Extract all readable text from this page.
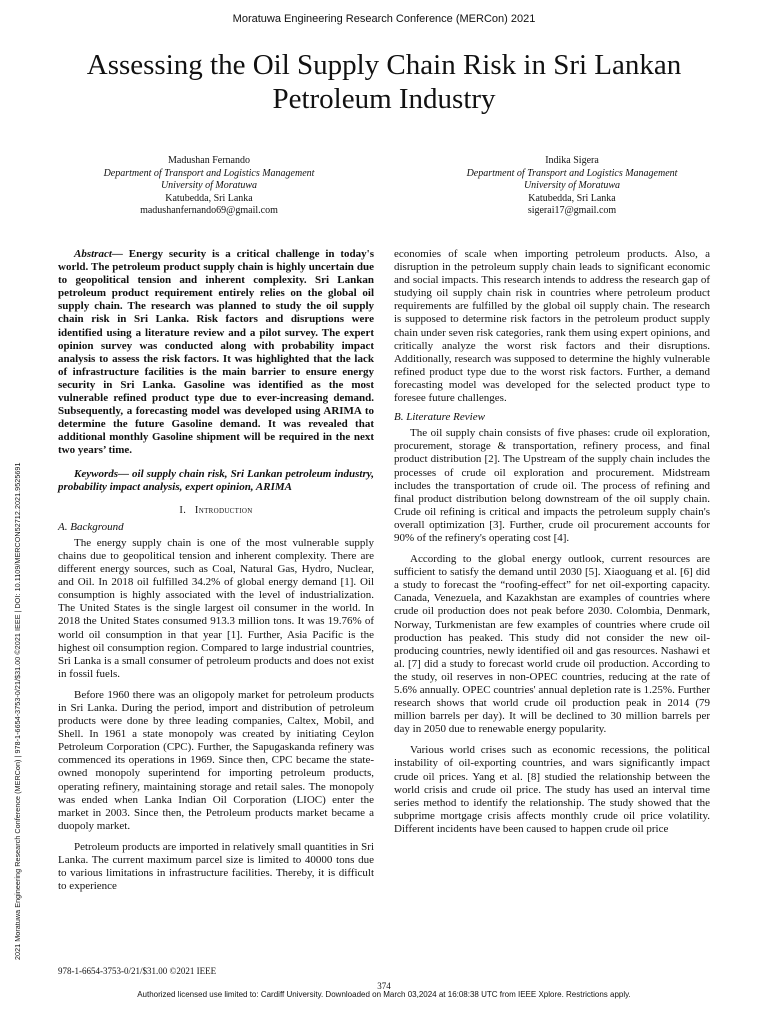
Moratuwa Engineering Research Conference (MERCon) 2021
Assessing the Oil Supply Chain Risk in Sri Lankan Petroleum Industry
Madushan Fernando
Department of Transport and Logistics Management
University of Moratuwa
Katubedda, Sri Lanka
madushanfernando69@gmail.com
Indika Sigera
Department of Transport and Logistics Management
University of Moratuwa
Katubedda, Sri Lanka
sigerai17@gmail.com
2021 Moratuwa Engineering Research Conference (MERCon) | 978-1-6654-3753-0/21/$31.00 ©2021 IEEE | DOI: 10.1109/MERCON52712.2021.9525691

Abstract— Energy security is a critical challenge in today's world. The petroleum product supply chain is highly uncertain due to geopolitical tension and inherent complexity. Sri Lankan petroleum product requirement entirely relies on the global oil supply chain. The research was planned to study the oil supply chain risk in Sri Lanka. Risk factors and disruptions were identified using a literature review and a pilot survey. The expert opinion survey was conducted along with probability impact analysis to assess the risk factors. It was highlighted that the lack of infrastructure facilities is the main barrier to ensure energy security in Sri Lanka. Gasoline was identified as the most vulnerable refined product type due to ever-increasing demand. Subsequently, a forecasting model was developed using ARIMA to determine the future Gasoline demand. It was revealed that additional monthly Gasoline shipment will be required in the next two years’ time.

Keywords— oil supply chain risk, Sri Lankan petroleum industry, probability impact analysis, expert opinion, ARIMA

I. Introduction

A. Background

The energy supply chain is one of the most vulnerable supply chains due to geopolitical tension and inherent complexity. There are different energy sources, such as Coal, Natural Gas, Hydro, Nuclear, and Oil. In 2018 oil fulfilled 34.2% of global energy demand [1]. Oil consumption is highly associated with the level of industrialization. The United States is the single largest oil consumer in the world. In 2018 the United States consumed 913.3 million tons. It was 19.76% of world oil consumption in that year [1]. Further, Asia Pacific is the highest oil consumption region. Compared to large industrial countries, Sri Lanka is a small consumer of petroleum products and does not exist in fossil fuels.

Before 1960 there was an oligopoly market for petroleum products in Sri Lanka. During the period, import and distribution of petroleum products were done by three leading companies, Caltex, Mobil, and Shell. In 1961 a state monopoly was created by initiating Ceylon Petroleum Corporation (CPC). Further, the Sapugaskanda refinery was commenced its operations in 1969. Since then, CPC became the state-owned monopoly superintend for importing petroleum products, operating refinery, maintaining storage and retail sales. The monopoly was ended when Lanka Indian Oil Corporation (LIOC) enter the market in 2003. Since then, the Petroleum products market became a duopoly market.

Petroleum products are imported in relatively small quantities in Sri Lanka. The current maximum parcel size is limited to 40000 tons due to various limitations in infrastructure facilities. Thereby, it is difficult to experience

economies of scale when importing petroleum products. Also, a disruption in the petroleum supply chain leads to significant economic and social impacts. This research intends to address the research gap of studying oil supply chain risk in countries where petroleum product requirements are fulfilled by the global oil supply chain. The research is supposed to determine risk factors in the petroleum product supply chain under seven risk categories, rank them using expert opinions, and critically analyze the worst risk factors and their disruptions. Additionally, research was supposed to determine the highly vulnerable refined product type due to the worst risk factors. Further, a demand forecasting model was developed for the selected product type to foresee future challenges.

B. Literature Review

The oil supply chain consists of five phases: crude oil exploration, procurement, storage & transportation, refinery process, and final product distribution [2]. The Upstream of the supply chain includes the processes of crude oil exploration and procurement. Midstream includes the transportation of crude oil. The process of refining and final product distribution belong downstream of the oil supply chain. Crude oil refining is critical and impacts the petroleum supply chain's overall optimization [3]. Further, crude oil procurement accounts for 90% of the refinery's operating cost [4].

According to the global energy outlook, current resources are sufficient to satisfy the demand until 2030 [5]. Xiaoguang et al. [6] did a study to forecast the “roofing-effect” for net oil-exporting capacity. Canada, Venezuela, and Kazakhstan are examples of countries where crude oil production does not peak before 2030. Colombia, Denmark, Norway, Turkmenistan are few examples of countries where crude oil production has peaked. This study did not consider the new oil-producing countries, newly identified oil and gas resources. Nashawi et al. [7] did a study to forecast world crude oil production. According to the study, oil reserves in non-OPEC countries, reducing at the rate of 5.6% annually. OPEC countries' annual depletion rate is 1.25%. Further research shows that world crude oil production peak in 2014 (79 million barrels per day). It will be declined to 30 million barrels per day in 2050 due to renewable energy popularity.

Various world crises such as economic recessions, the political instability of oil-exporting countries, and wars significantly impact crude oil prices. Yang et al. [8] studied the relationship between the world crisis and crude oil price. The study has used an interval time series method to identify the relationship. The study showed that the subprime mortgage crisis affects monthly crude oil price volatility. Different incidents have been caused to happen crude oil price

978-1-6654-3753-0/21/$31.00 ©2021 IEEE
374
Authorized licensed use limited to: Cardiff University. Downloaded on March 03,2024 at 16:08:38 UTC from IEEE Xplore. Restrictions apply.
